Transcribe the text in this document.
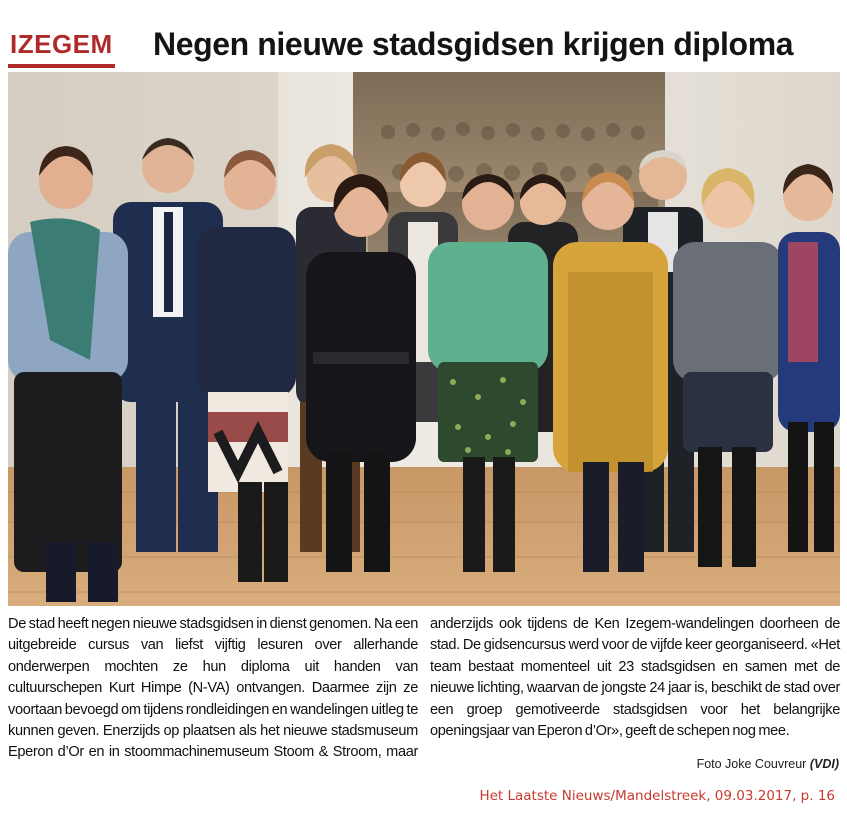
IZEGEM Negen nieuwe stadsgidsen krijgen diploma

De stad heeft negen nieuwe stadsgidsen in dienst genomen. Na een uitgebreide cursus van liefst vijftig lesuren over allerhande onderwerpen mochten ze hun diploma uit handen van cultuurschepen Kurt Himpe (N-VA) ontvangen. Daarmee zijn ze voortaan bevoegd om tijdens rondleidingen en wandelingen uitleg te kunnen geven. Enerzijds op plaatsen als het nieuwe stadsmuseum Eperon d’Or en in stoommachinemuseum Stoom & Stroom, maar anderzijds ook tijdens de Ken Izegem-wandelingen doorheen de stad. De gidsencursus werd voor de vijfde keer georganiseerd. «Het team bestaat momenteel uit 23 stadsgidsen en samen met de nieuwe lichting, waarvan de jongste 24 jaar is, beschikt de stad over een groep gemotiveerde stadsgidsen voor het belangrijke openingsjaar van Eperon d’Or», geeft de schepen nog mee.

Foto Joke Couvreur (VDI)
Het Laatste Nieuws/Mandelstreek, 09.03.2017, p. 16
